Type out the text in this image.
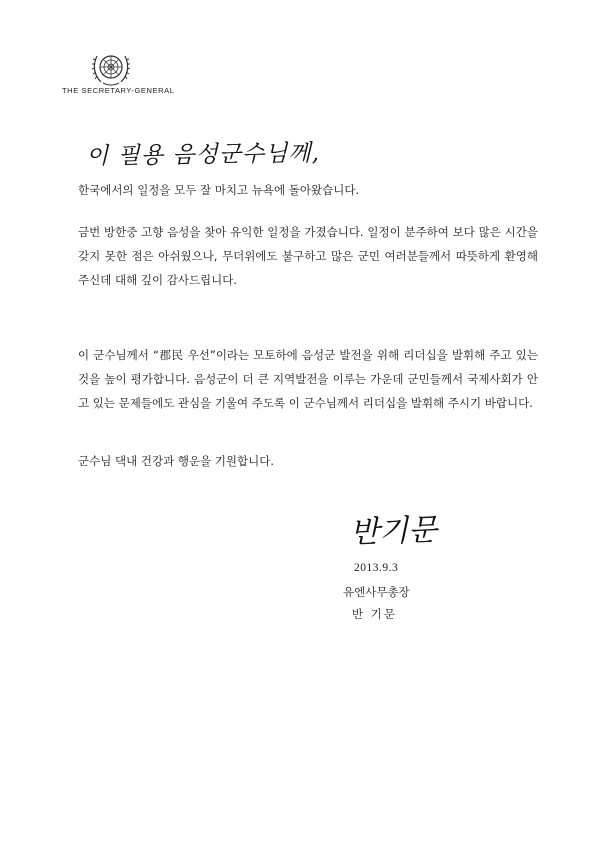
THE SECRETARY-GENERAL
이 필용 음성군수님께,
한국에서의 일정을 모두 잘 마치고 뉴욕에 돌아왔습니다.
금번 방한중 고향 음성을 찾아 유익한 일정을 가졌습니다. 일정이 분주하여 보다 많은 시간을 갖지 못한 점은 아쉬웠으나, 무더위에도 불구하고 많은 군민 여러분들께서 따뜻하게 환영해 주신데 대해 깊이 감사드립니다.
이 군수님께서 “郡民 우선”이라는 모토하에 음성군 발전을 위해 리더십을 발휘해 주고 있는 것을 높이 평가합니다. 음성군이 더 큰 지역발전을 이루는 가운데 군민들께서 국제사회가 안고 있는 문제들에도 관심을 기울여 주도록 이 군수님께서 리더십을 발휘해 주시기 바랍니다.
군수님 댁내 건강과 행운을 기원합니다.
반기문
2013.9.3
유엔사무총장
반 기문
